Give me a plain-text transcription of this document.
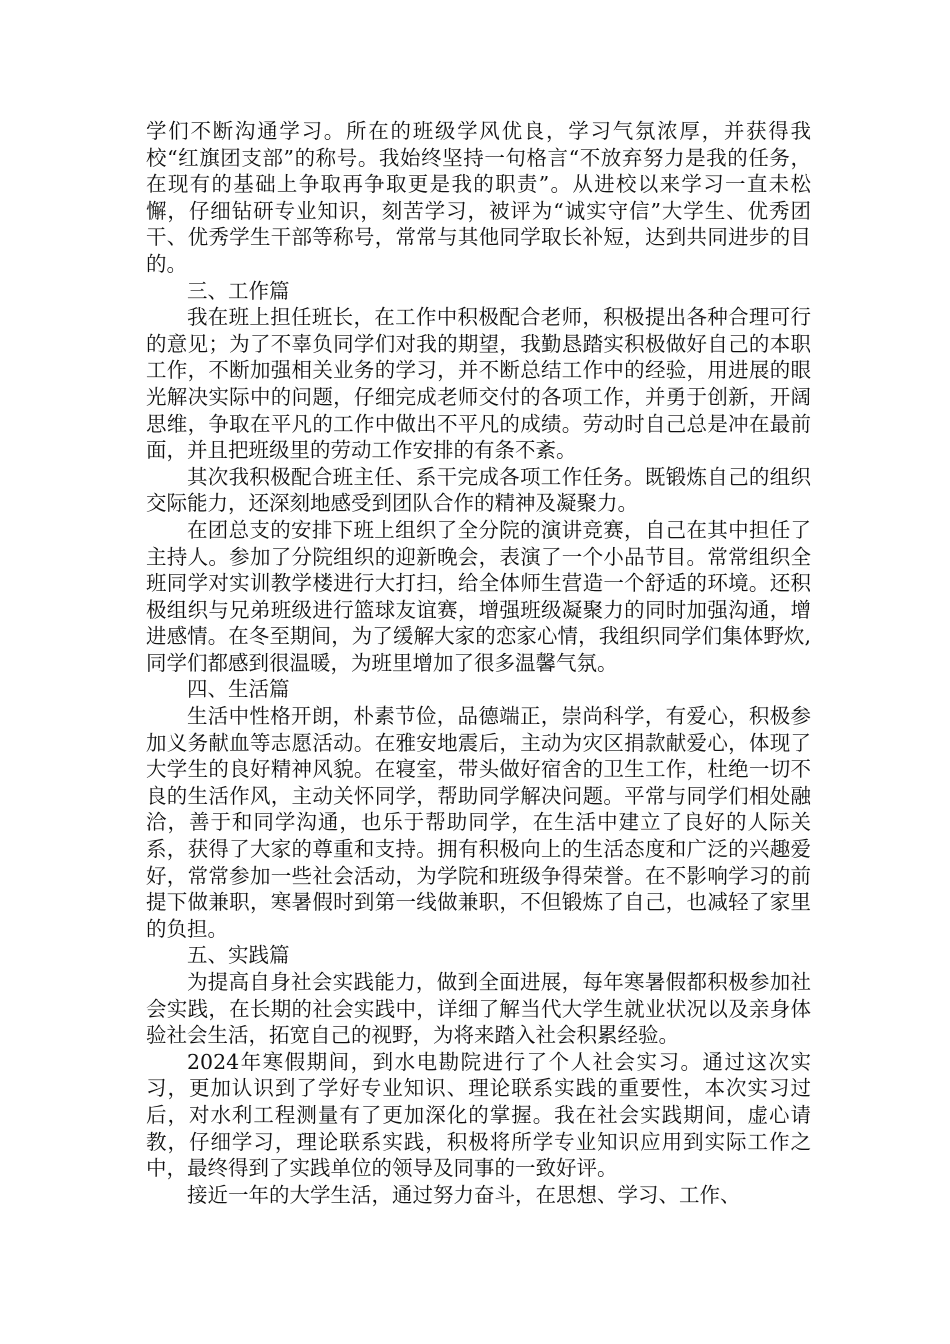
学们不断沟通学习。所在的班级学风优良，学习气氛浓厚，并获得我校“红旗团支部”的称号。我始终坚持一句格言“不放弃努力是我的任务，在现有的基础上争取再争取更是我的职责”。从进校以来学习一直未松懈，仔细钻研专业知识，刻苦学习，被评为“诚实守信”大学生、优秀团干、优秀学生干部等称号，常常与其他同学取长补短，达到共同进步的目的。

三、工作篇

我在班上担任班长，在工作中积极配合老师，积极提出各种合理可行的意见；为了不辜负同学们对我的期望，我勤恳踏实积极做好自己的本职工作，不断加强相关业务的学习，并不断总结工作中的经验，用进展的眼光解决实际中的问题，仔细完成老师交付的各项工作，并勇于创新，开阔思维，争取在平凡的工作中做出不平凡的成绩。劳动时自己总是冲在最前面，并且把班级里的劳动工作安排的有条不紊。

其次我积极配合班主任、系干完成各项工作任务。既锻炼自己的组织交际能力，还深刻地感受到团队合作的精神及凝聚力。

在团总支的安排下班上组织了全分院的演讲竞赛，自己在其中担任了主持人。参加了分院组织的迎新晚会，表演了一个小品节目。常常组织全班同学对实训教学楼进行大打扫，给全体师生营造一个舒适的环境。还积极组织与兄弟班级进行篮球友谊赛，增强班级凝聚力的同时加强沟通，增进感情。在冬至期间，为了缓解大家的恋家心情，我组织同学们集体野炊,同学们都感到很温暖，为班里增加了很多温馨气氛。

四、生活篇

生活中性格开朗，朴素节俭，品德端正，崇尚科学，有爱心，积极参加义务献血等志愿活动。在雅安地震后，主动为灾区捐款献爱心，体现了大学生的良好精神风貌。在寝室，带头做好宿舍的卫生工作，杜绝一切不良的生活作风，主动关怀同学，帮助同学解决问题。平常与同学们相处融洽，善于和同学沟通，也乐于帮助同学，在生活中建立了良好的人际关系，获得了大家的尊重和支持。拥有积极向上的生活态度和广泛的兴趣爱好，常常参加一些社会活动，为学院和班级争得荣誉。在不影响学习的前提下做兼职，寒暑假时到第一线做兼职，不但锻炼了自己，也减轻了家里的负担。

五、实践篇

为提高自身社会实践能力，做到全面进展，每年寒暑假都积极参加社会实践，在长期的社会实践中，详细了解当代大学生就业状况以及亲身体验社会生活，拓宽自己的视野，为将来踏入社会积累经验。

2024年寒假期间，到水电勘院进行了个人社会实习。通过这次实习，更加认识到了学好专业知识、理论联系实践的重要性，本次实习过后，对水利工程测量有了更加深化的掌握。我在社会实践期间，虚心请教，仔细学习，理论联系实践，积极将所学专业知识应用到实际工作之中，最终得到了实践单位的领导及同事的一致好评。

接近一年的大学生活，通过努力奋斗，在思想、学习、工作、
